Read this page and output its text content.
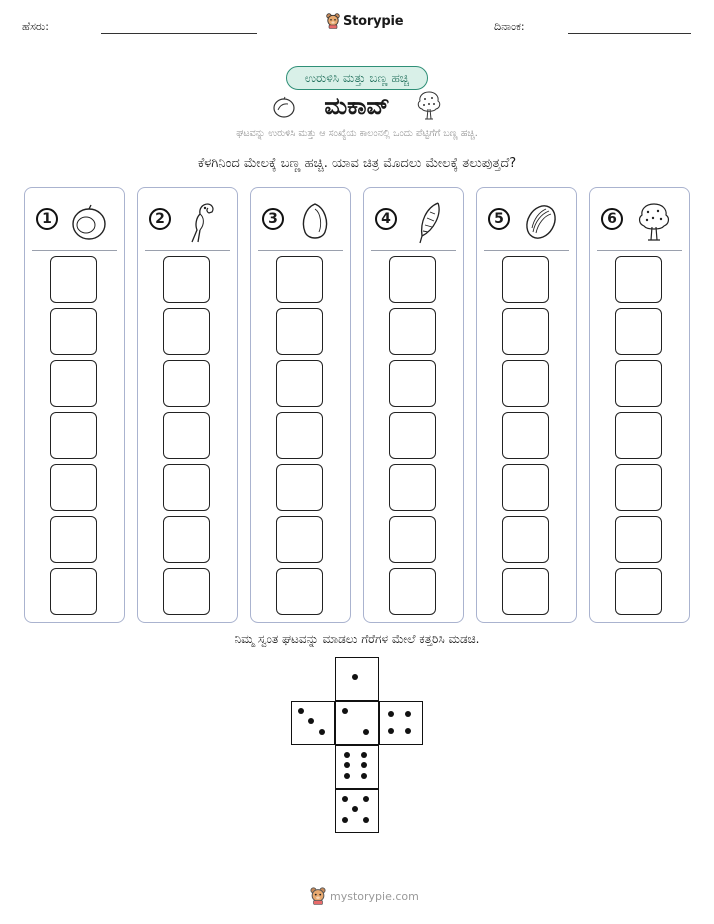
ಹೆಸರು:	Storypie	ದಿನಾಂಕ:
ಉರುಳಿಸಿ ಮತ್ತು ಬಣ್ಣ ಹಚ್ಚಿ
ಮಕಾವ್
ಘಟವನ್ನು ಉರುಳಿಸಿ ಮತ್ತು ಆ ಸಂಖ್ಯೆಯ ಕಾಲಂನಲ್ಲಿ ಒಂದು ಪೆಟ್ಟಿಗೆಗೆ ಬಣ್ಣ ಹಚ್ಚಿ.
ಕೆಳಗಿನಿಂದ ಮೇಲಕ್ಕೆ ಬಣ್ಣ ಹಚ್ಚಿ. ಯಾವ ಚಿತ್ರ ಮೊದಲು ಮೇಲಕ್ಕೆ ತಲುಪುತ್ತದೆ?
1	2	3	4	5	6
ನಿಮ್ಮ ಸ್ವಂತ ಘಟವನ್ನು ಮಾಡಲು ಗೆರೆಗಳ ಮೇಲೆ ಕತ್ತರಿಸಿ ಮಡಚಿ.
mystorypie.com
